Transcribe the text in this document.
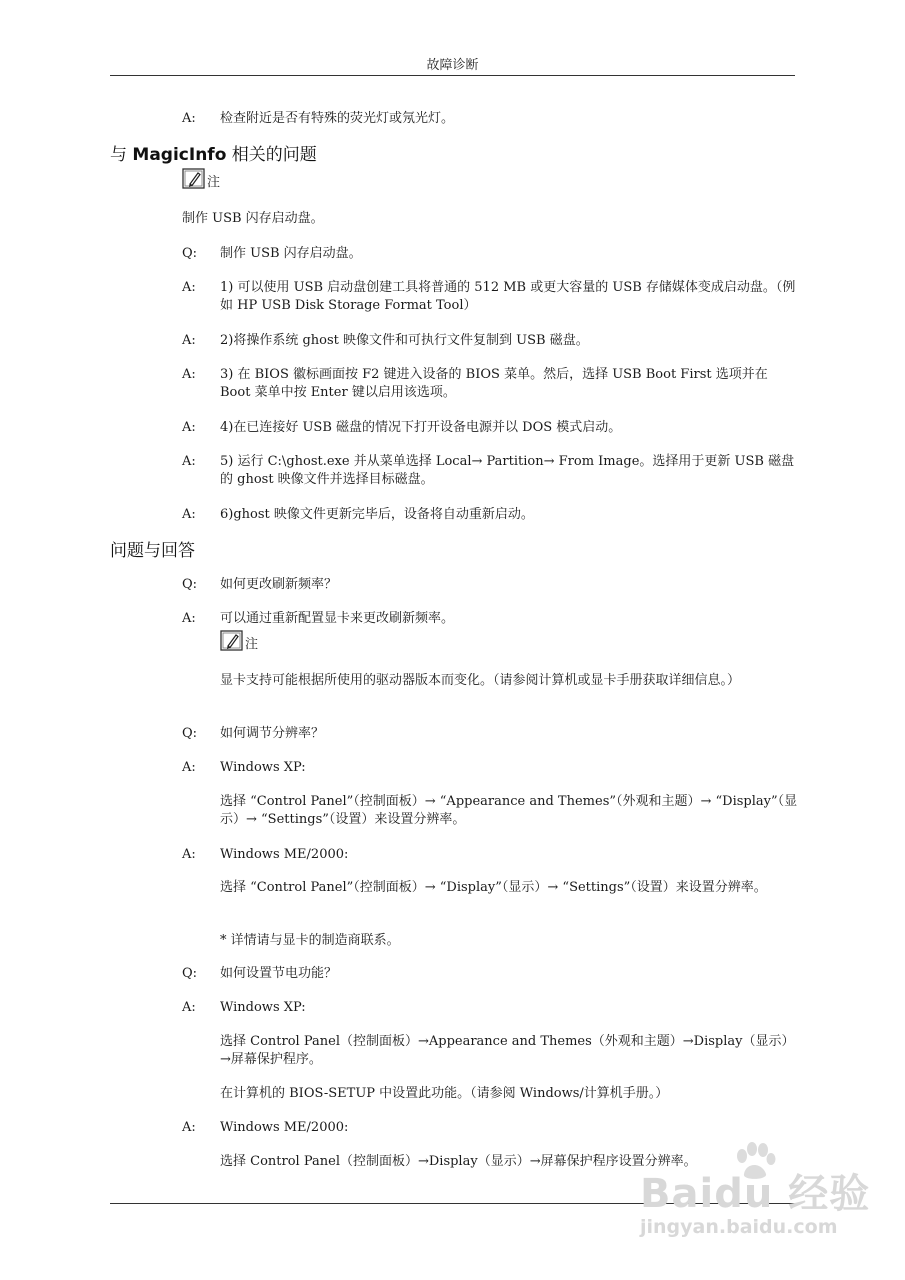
故障诊断
A:	检查附近是否有特殊的荧光灯或氖光灯。
与 MagicInfo 相关的问题
注
制作 USB 闪存启动盘。
Q:	制作 USB 闪存启动盘。
A:	1) 可以使用 USB 启动盘创建工具将普通的 512 MB 或更大容量的 USB 存储媒体变成启动盘。（例如 HP USB Disk Storage Format Tool）
A:	2)将操作系统 ghost 映像文件和可执行文件复制到 USB 磁盘。
A:	3) 在 BIOS 徽标画面按 F2 键进入设备的 BIOS 菜单。然后，选择 USB Boot First 选项并在 Boot 菜单中按 Enter 键以启用该选项。
A:	4)在已连接好 USB 磁盘的情况下打开设备电源并以 DOS 模式启动。
A:	5) 运行 C:\ghost.exe 并从菜单选择 Local→ Partition→ From Image。选择用于更新 USB 磁盘的 ghost 映像文件并选择目标磁盘。
A:	6)ghost 映像文件更新完毕后，设备将自动重新启动。
问题与回答
Q:	如何更改刷新频率？
A:	可以通过重新配置显卡来更改刷新频率。
注
显卡支持可能根据所使用的驱动器版本而变化。（请参阅计算机或显卡手册获取详细信息。）
Q:	如何调节分辨率？
A:	Windows XP:
选择 “Control Panel”（控制面板）→ “Appearance and Themes”（外观和主题）→ “Display”（显示）→ “Settings”（设置）来设置分辨率。
A:	Windows ME/2000:
选择 “Control Panel”（控制面板）→ “Display”（显示）→ “Settings”（设置）来设置分辨率。
* 详情请与显卡的制造商联系。
Q:	如何设置节电功能？
A:	Windows XP:
选择 Control Panel（控制面板）→Appearance and Themes（外观和主题）→Display（显示）→屏幕保护程序。
在计算机的 BIOS-SETUP 中设置此功能。（请参阅 Windows/计算机手册。）
A:	Windows ME/2000:
选择 Control Panel（控制面板）→Display（显示）→屏幕保护程序设置分辨率。
Baidu 经验
jingyan.baidu.com
